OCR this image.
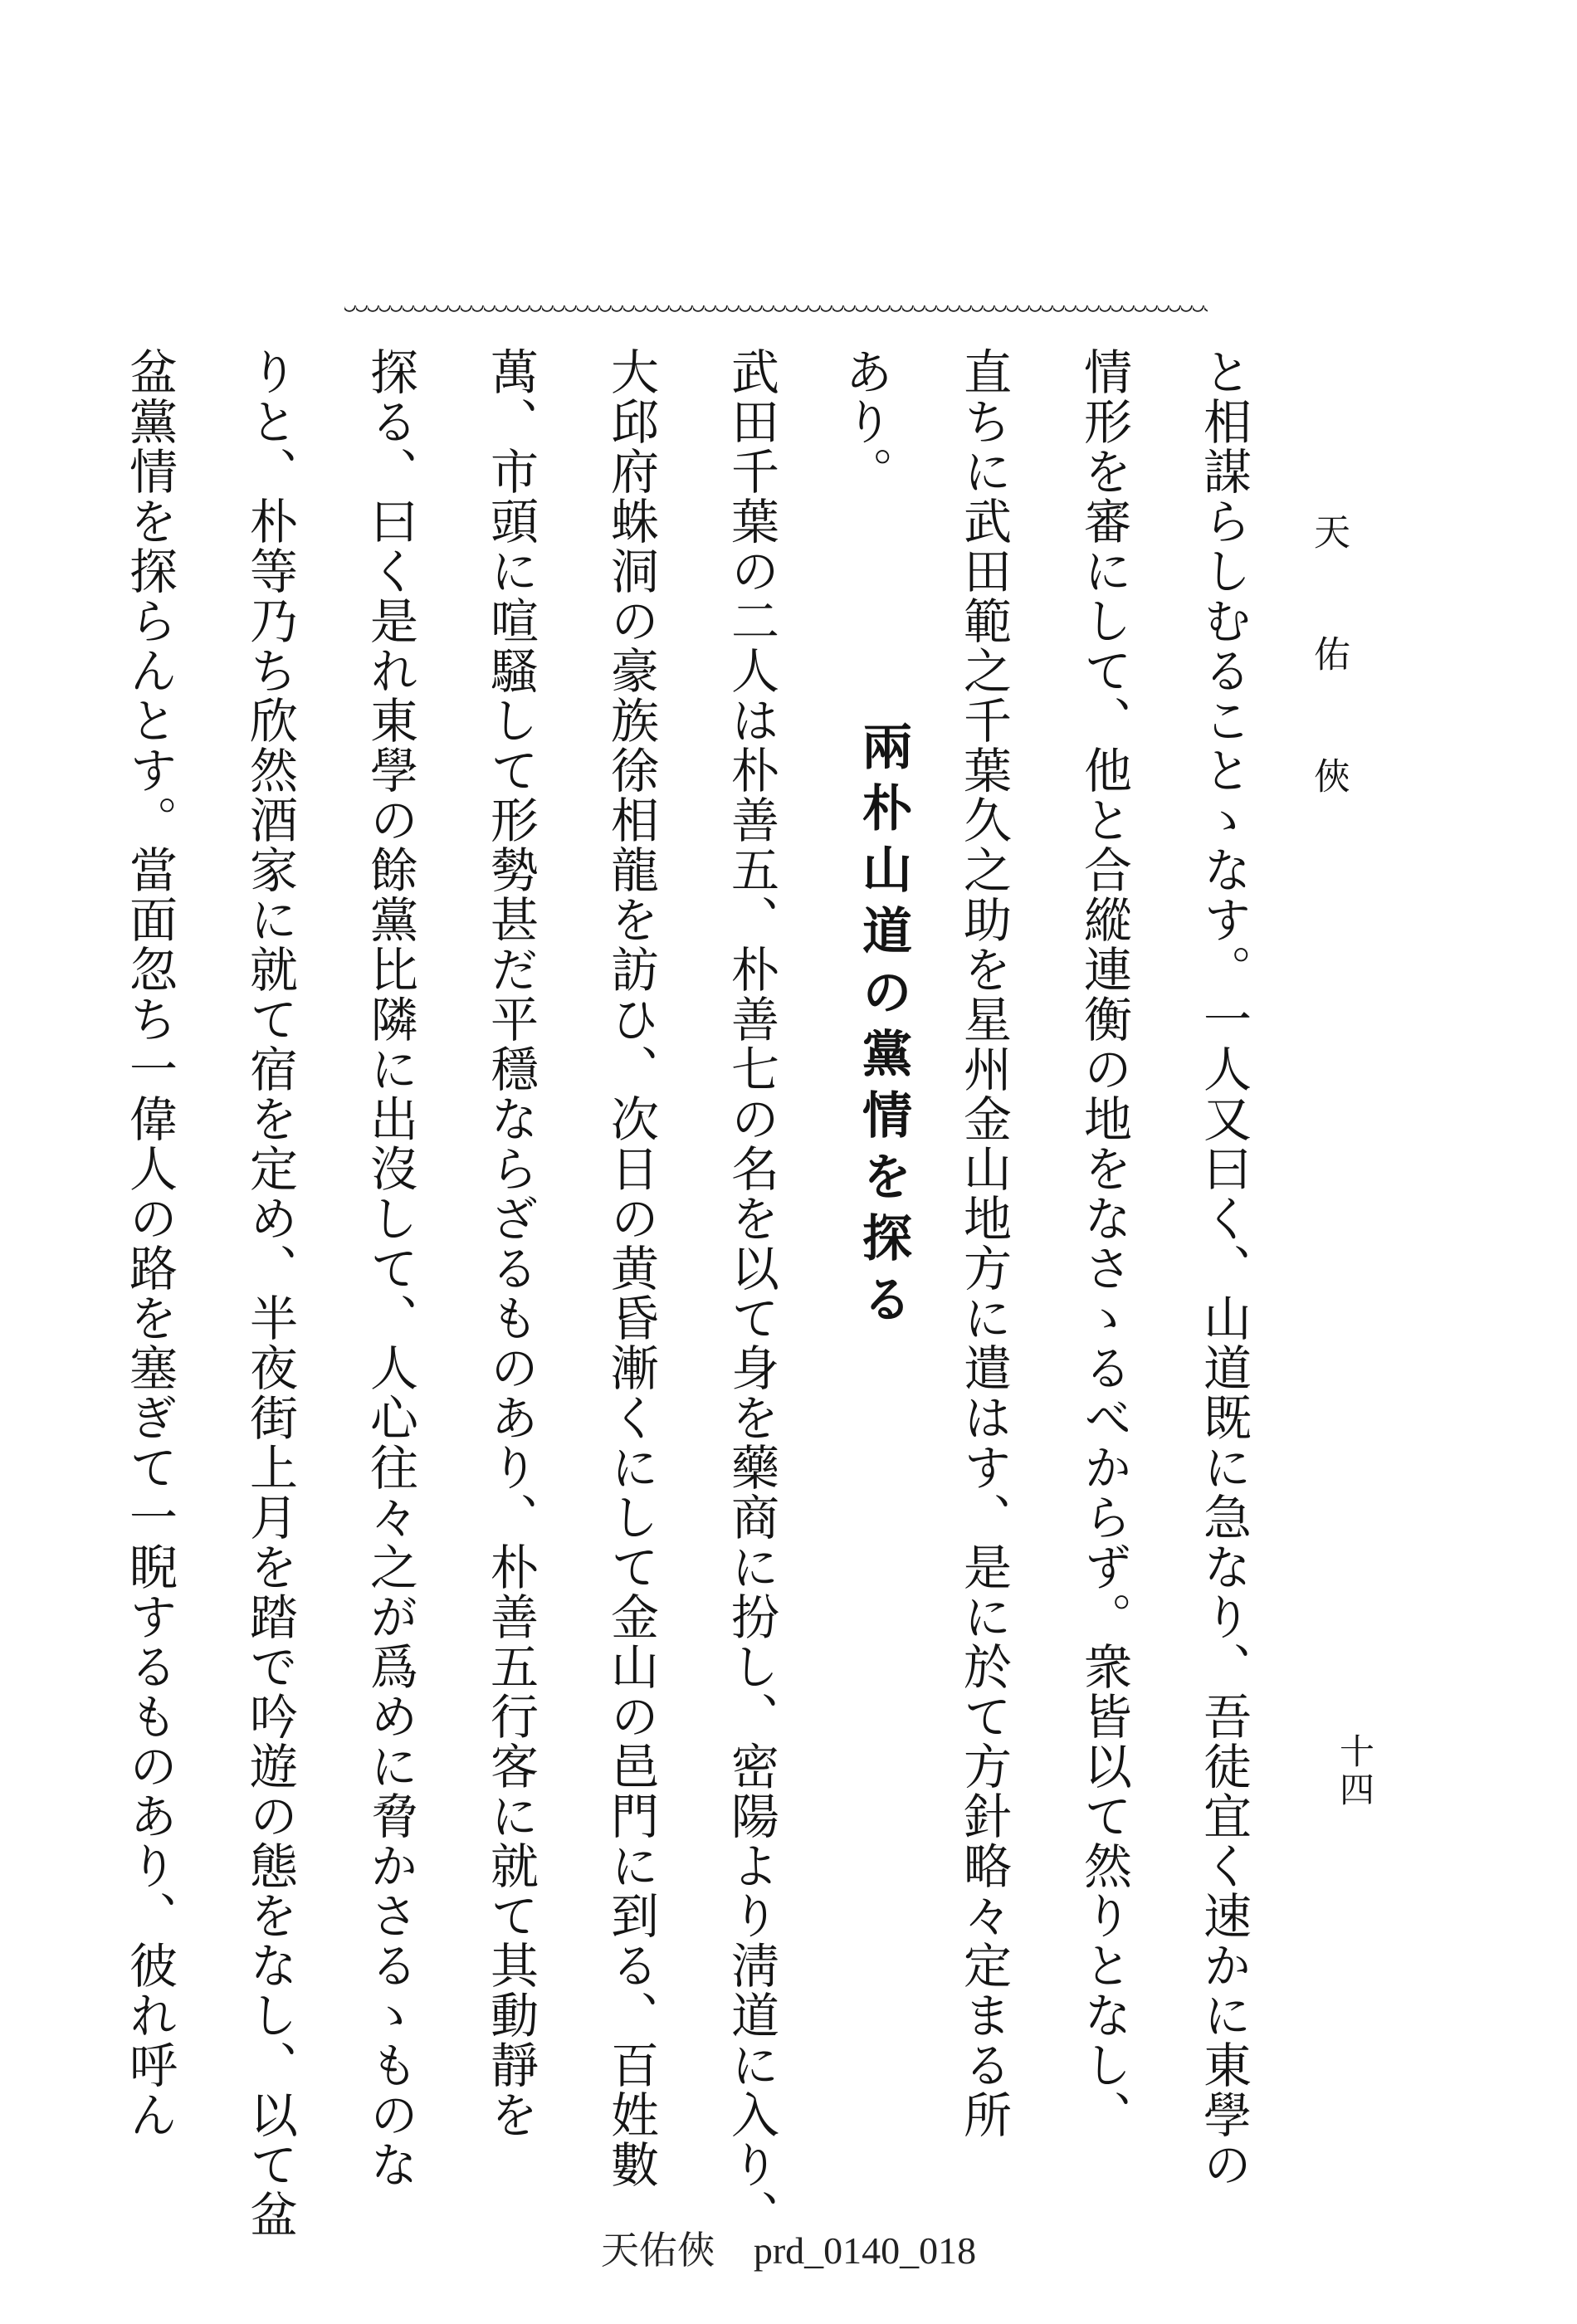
天 佑 俠
十四
と相謀らしむることゝなす。一人又曰く、山道既に急なり、吾徒宜く速かに東學の
情形を審にして、他と合縱連衡の地をなさゝるべからず。衆皆以て然りとなし、
直ちに武田範之千葉久之助を星州金山地方に遣はす、是に於て方針略々定まる所
あり。
兩朴山道の黨情を探る
武田千葉の二人は朴善五、朴善七の名を以て身を藥商に扮し、密陽より淸道に入り、
大邱府蛛洞の豪族徐相龍を訪ひ、次日の黄昏漸くにして金山の邑門に到る、百姓數
萬、市頭に喧騷して形勢甚だ平穩ならざるものあり、朴善五行客に就て其動靜を
探る、曰く是れ東學の餘黨比隣に出沒して、人心往々之が爲めに脅かさるゝものな
りと、朴等乃ち欣然酒家に就て宿を定め、半夜街上月を踏で吟遊の態をなし、以て盆
盆黨情を探らんとす。當面忽ち一偉人の路を塞ぎて一睨するものあり、彼れ呼ん
天佑俠    prd_0140_018
